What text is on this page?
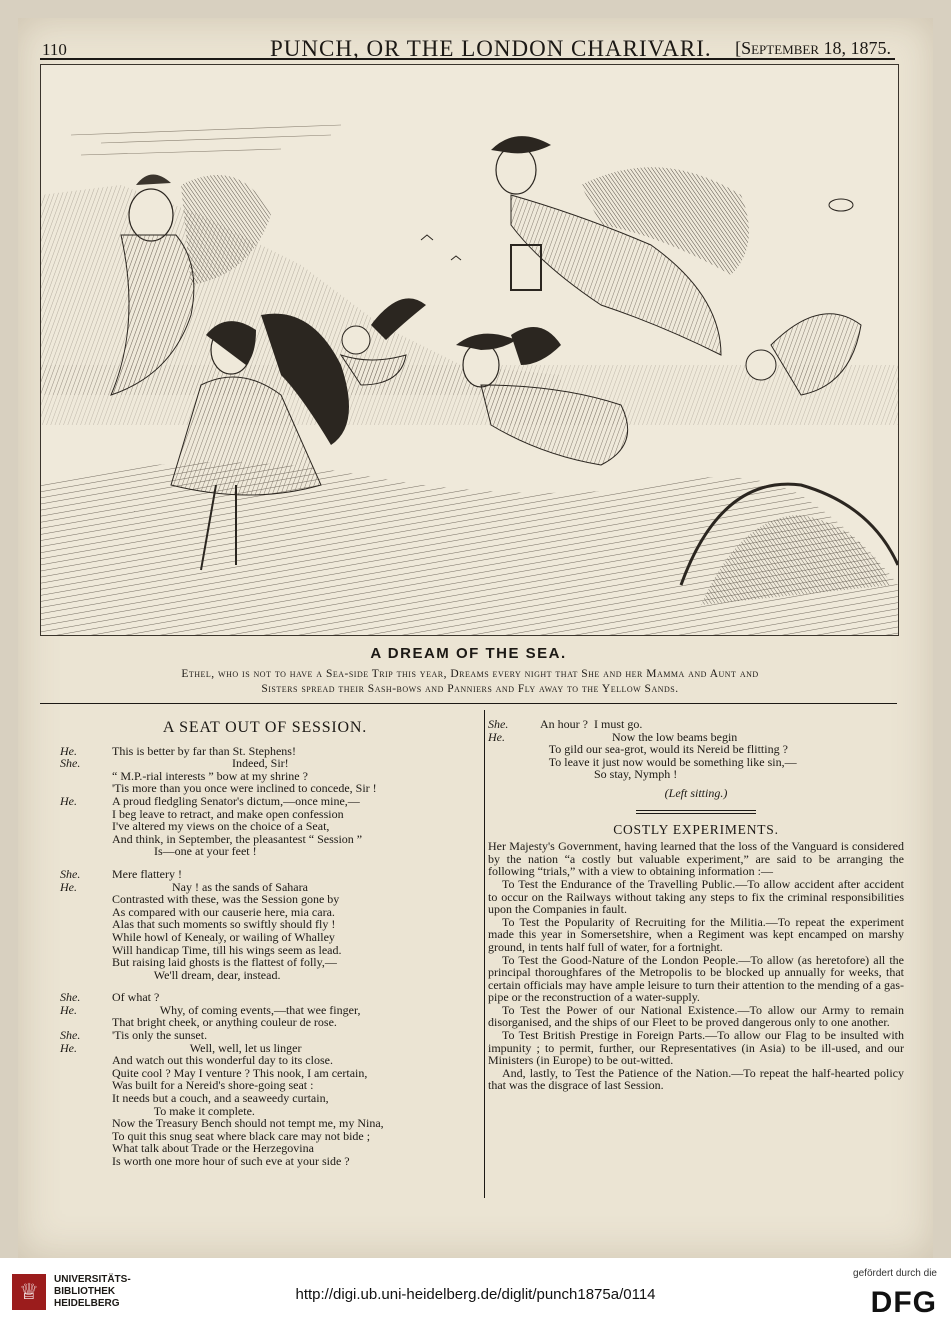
110	PUNCH, OR THE LONDON CHARIVARI. [September 18, 1875.
A DREAM OF THE SEA.
Ethel, who is not to have a Sea-side Trip this year, Dreams every night that She and her Mamma and Aunt and
Sisters spread their Sash-bows and Panniers and Fly away to the Yellow Sands.
A SEAT OUT OF SESSION.
He.	This is better by far than St. Stephens!
She.	Indeed, Sir!
“ M.P.-rial interests ” bow at my shrine ?
'Tis more than you once were inclined to concede, Sir !
He.	A proud fledgling Senator's dictum,—once mine,—
I beg leave to retract, and make open confession
I've altered my views on the choice of a Seat,
And think, in September, the pleasantest “ Session ”
Is—one at your feet !
She.	Mere flattery !
He.	Nay ! as the sands of Sahara
Contrasted with these, was the Session gone by
As compared with our causerie here, mia cara.
Alas that such moments so swiftly should fly !
While howl of Kenealy, or wailing of Whalley
Will handicap Time, till his wings seem as lead.
But raising laid ghosts is the flattest of folly,—
We'll dream, dear, instead.
She.	Of what ?
He.	Why, of coming events,—that wee finger,
That bright cheek, or anything couleur de rose.
She.	'Tis only the sunset.
He.	Well, well, let us linger
And watch out this wonderful day to its close.
Quite cool ? May I venture ? This nook, I am certain,
Was built for a Nereid's shore-going seat :
It needs but a couch, and a seaweedy curtain,
To make it complete.
Now the Treasury Bench should not tempt me, my Nina,
To quit this snug seat where black care may not bide ;
What talk about Trade or the Herzegovina
Is worth one more hour of such eve at your side ?
She.	An hour ?  I must go.
He.	Now the low beams begin
To gild our sea-grot, would its Nereid be flitting ?
To leave it just now would be something like sin,—
So stay, Nymph !
(Left sitting.)
COSTLY EXPERIMENTS.

Her Majesty's Government, having learned that the loss of the Vanguard is considered by the nation “a costly but valuable experiment,” are said to be arranging the following “trials,” with a view to obtaining information :—

To Test the Endurance of the Travelling Public.—To allow accident after accident to occur on the Railways without taking any steps to fix the criminal responsibilities upon the Companies in fault.

To Test the Popularity of Recruiting for the Militia.—To repeat the experiment made this year in Somersetshire, when a Regiment was kept encamped on marshy ground, in tents half full of water, for a fortnight.

To Test the Good-Nature of the London People.—To allow (as heretofore) all the principal thoroughfares of the Metropolis to be blocked up annually for weeks, that certain officials may have ample leisure to turn their attention to the mending of a gas-pipe or the reconstruction of a water-supply.

To Test the Power of our National Existence.—To allow our Army to remain disorganised, and the ships of our Fleet to be proved dangerous only to one another.

To Test British Prestige in Foreign Parts.—To allow our Flag to be insulted with impunity ; to permit, further, our Representatives (in Asia) to be ill-used, and our Ministers (in Europe) to be out-witted.

And, lastly, to Test the Patience of the Nation.—To repeat the half-hearted policy that was the disgrace of last Session.

♕	UNIVERSITÄTS-
BIBLIOTHEK
HEIDELBERG
http://digi.ub.uni-heidelberg.de/diglit/punch1875a/0114
gefördert durch die
DFG
